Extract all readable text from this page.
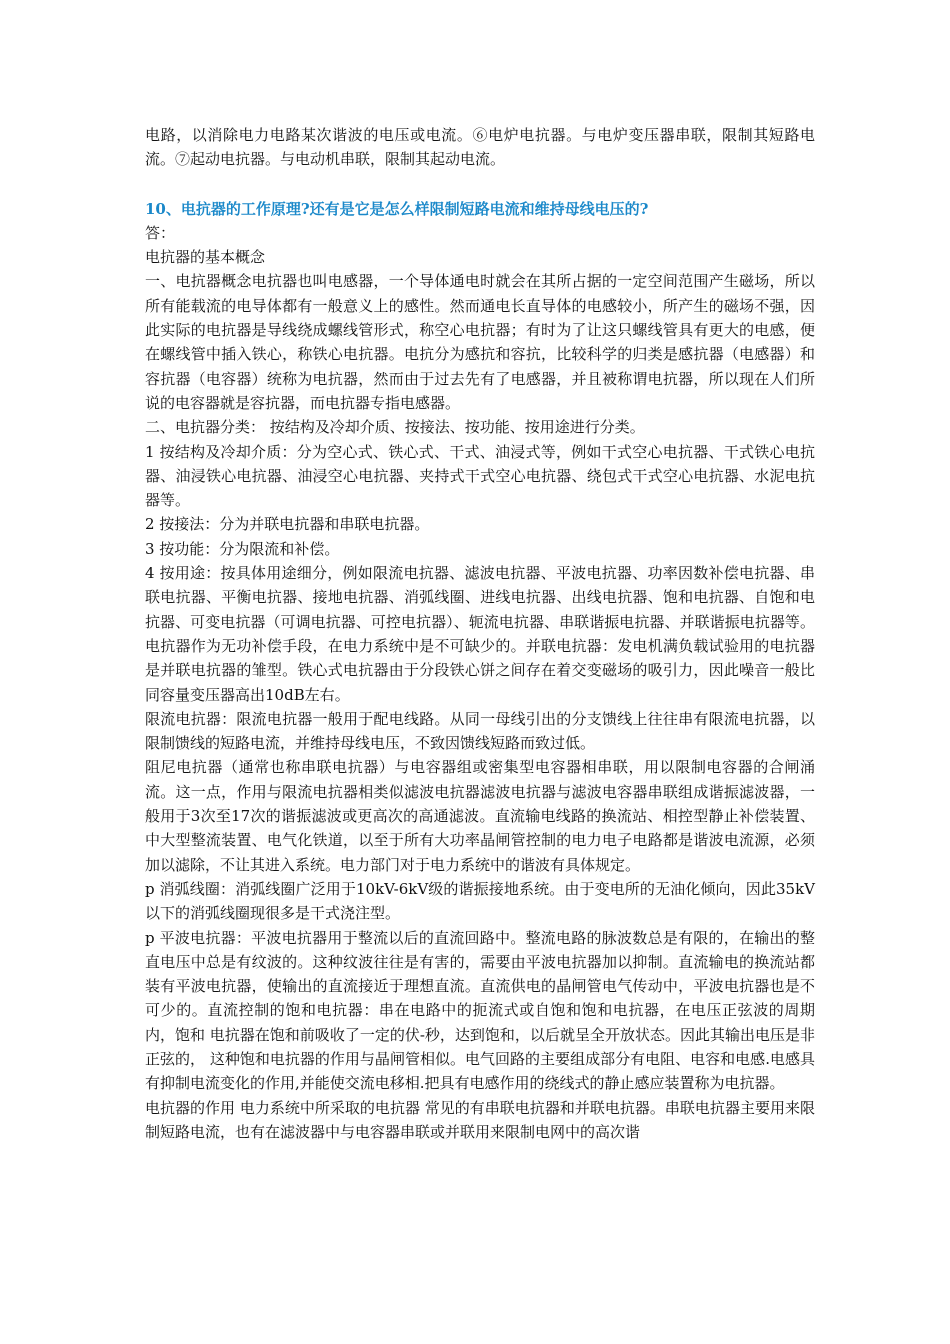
电路，以消除电力电路某次谐波的电压或电流。⑥电炉电抗器。与电炉变压器串联，限制其短路电流。⑦起动电抗器。与电动机串联，限制其起动电流。

10、电抗器的工作原理?还有是它是怎么样限制短路电流和维持母线电压的?

答：

电抗器的基本概念

一、电抗器概念电抗器也叫电感器，一个导体通电时就会在其所占据的一定空间范围产生磁场，所以所有能载流的电导体都有一般意义上的感性。然而通电长直导体的电感较小，所产生的磁场不强，因此实际的电抗器是导线绕成螺线管形式，称空心电抗器；有时为了让这只螺线管具有更大的电感，便在螺线管中插入铁心，称铁心电抗器。电抗分为感抗和容抗，比较科学的归类是感抗器（电感器）和容抗器（电容器）统称为电抗器，然而由于过去先有了电感器，并且被称谓电抗器，所以现在人们所说的电容器就是容抗器，而电抗器专指电感器。

二、电抗器分类： 按结构及冷却介质、按接法、按功能、按用途进行分类。

1 按结构及冷却介质：分为空心式、铁心式、干式、油浸式等，例如干式空心电抗器、干式铁心电抗器、油浸铁心电抗器、油浸空心电抗器、夹持式干式空心电抗器、绕包式干式空心电抗器、水泥电抗器等。

2 按接法：分为并联电抗器和串联电抗器。

3 按功能：分为限流和补偿。

4 按用途：按具体用途细分，例如限流电抗器、滤波电抗器、平波电抗器、功率因数补偿电抗器、串联电抗器、平衡电抗器、接地电抗器、消弧线圈、进线电抗器、出线电抗器、饱和电抗器、自饱和电抗器、可变电抗器（可调电抗器、可控电抗器）、轭流电抗器、串联谐振电抗器、并联谐振电抗器等。 电抗器作为无功补偿手段，在电力系统中是不可缺少的。并联电抗器：发电机满负载试验用的电抗器是并联电抗器的雏型。铁心式电抗器由于分段铁心饼之间存在着交变磁场的吸引力，因此噪音一般比同容量变压器高出10dB左右。

限流电抗器：限流电抗器一般用于配电线路。从同一母线引出的分支馈线上往往串有限流电抗器，以限制馈线的短路电流，并维持母线电压，不致因馈线短路而致过低。

阻尼电抗器（通常也称串联电抗器）与电容器组或密集型电容器相串联，用以限制电容器的合闸涌流。这一点，作用与限流电抗器相类似滤波电抗器滤波电抗器与滤波电容器串联组成谐振滤波器，一般用于3次至17次的谐振滤波或更高次的高通滤波。直流输电线路的换流站、相控型静止补偿装置、中大型整流装置、电气化铁道，以至于所有大功率晶闸管控制的电力电子电路都是谐波电流源，必须加以滤除，不让其进入系统。电力部门对于电力系统中的谐波有具体规定。

p 消弧线圈：消弧线圈广泛用于10kV-6kV级的谐振接地系统。由于变电所的无油化倾向，因此35kV以下的消弧线圈现很多是干式浇注型。

p 平波电抗器：平波电抗器用于整流以后的直流回路中。整流电路的脉波数总是有限的，在输出的整直电压中总是有纹波的。这种纹波往往是有害的，需要由平波电抗器加以抑制。直流输电的换流站都装有平波电抗器，使输出的直流接近于理想直流。直流供电的晶闸管电气传动中，平波电抗器也是不可少的。直流控制的饱和电抗器：串在电路中的扼流式或自饱和饱和电抗器，在电压正弦波的周期内，饱和 电抗器在饱和前吸收了一定的伏-秒，达到饱和，以后就呈全开放状态。因此其输出电压是非正弦的， 这种饱和电抗器的作用与晶闸管相似。电气回路的主要组成部分有电阻、电容和电感.电感具有抑制电流变化的作用,并能使交流电移相.把具有电感作用的绕线式的静止感应装置称为电抗器。

电抗器的作用 电力系统中所采取的电抗器 常见的有串联电抗器和并联电抗器。串联电抗器主要用来限制短路电流，也有在滤波器中与电容器串联或并联用来限制电网中的高次谐
